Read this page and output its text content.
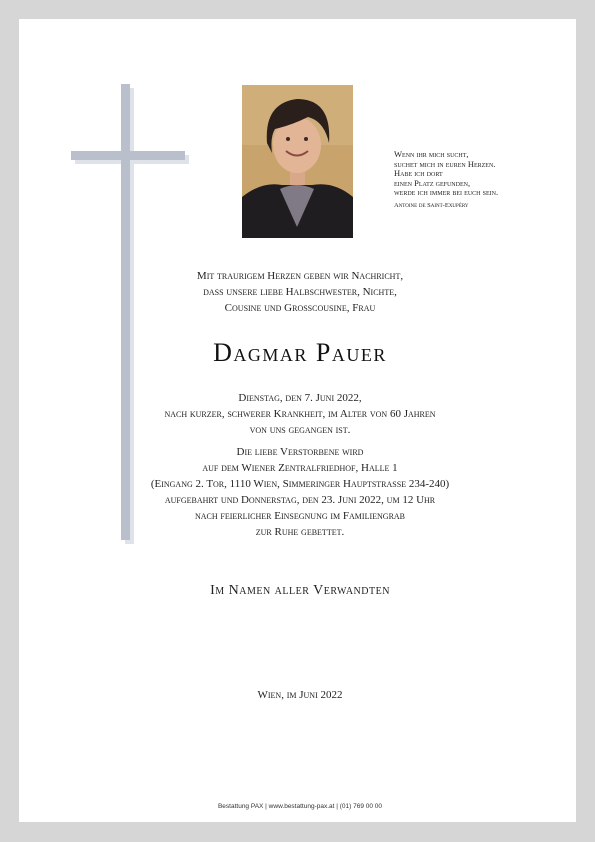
Wenn ihr mich sucht,
suchet mich in euren Herzen.
Habe ich dort
einen Platz gefunden,
werde ich immer bei euch sein.
Antoine de Saint-Exupéry
Mit traurigem Herzen geben wir Nachricht,
dass unsere liebe Halbschwester, Nichte,
Cousine und Grosscousine, Frau
Dagmar Pauer

Dienstag, den 7. Juni 2022,
nach kurzer, schwerer Krankheit, im Alter von 60 Jahren
von uns gegangen ist.

Die liebe Verstorbene wird
auf dem Wiener Zentralfriedhof, Halle 1
(Eingang 2. Tor, 1110 Wien, Simmeringer Hauptstrasse 234-240)
aufgebahrt und Donnerstag, den 23. Juni 2022, um 12 Uhr
nach feierlicher Einsegnung im Familiengrab
zur Ruhe gebettet.

Im Namen aller Verwandten
Wien, im Juni 2022
Bestattung PAX | www.bestattung-pax.at | (01) 769 00 00
